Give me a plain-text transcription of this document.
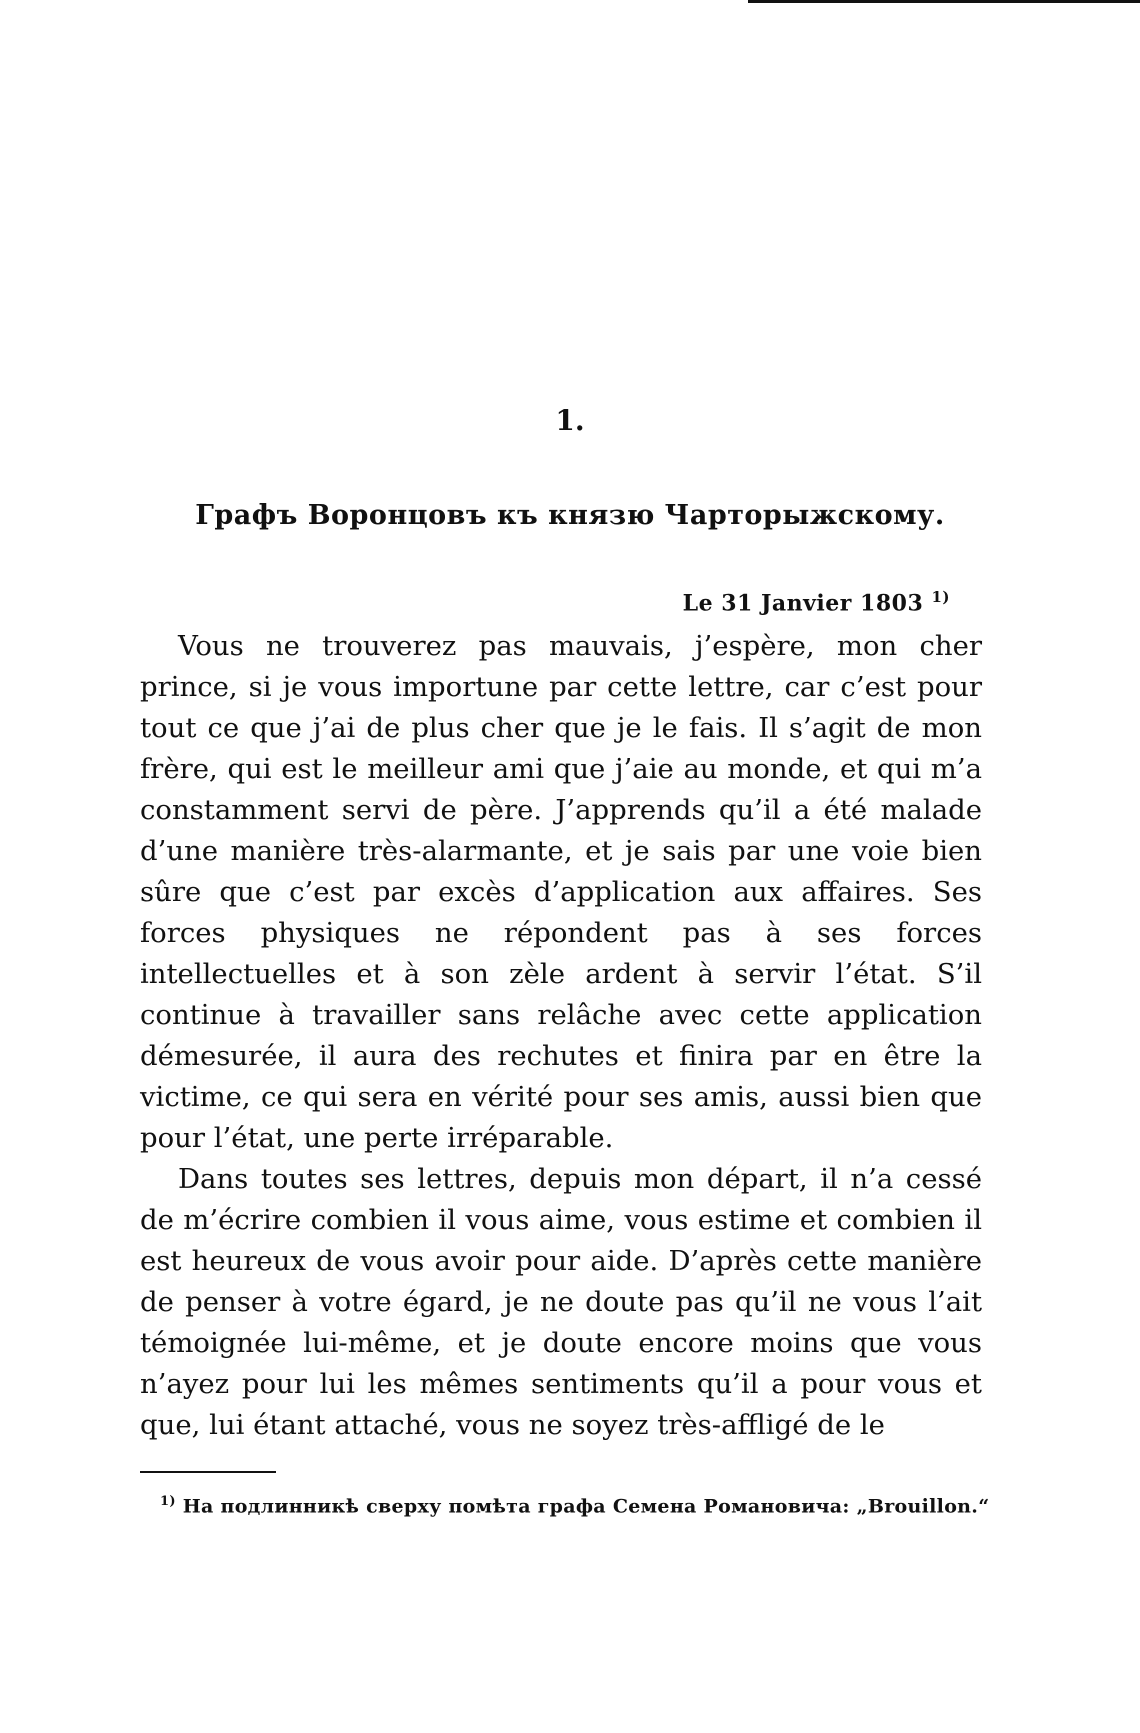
1.
Графъ Воронцовъ къ князю Чарторыжскому.
Le 31 Janvier 1803 $^{1)}$

Vous ne trouverez pas mauvais, j’espère, mon cher prince, si je vous importune par cette lettre, car c’est pour tout ce que j’ai de plus cher que je le fais. Il s’agit de mon frère, qui est le meilleur ami que j’aie au monde, et qui m’a constamment servi de père. J’apprends qu’il a été malade d’une manière très-alarmante, et je sais par une voie bien sûre que c’est par excès d’application aux affaires. Ses forces physiques ne répondent pas à ses forces intellectuelles et à son zèle ardent à servir l’état. S’il continue à travailler sans relâche avec cette application démesurée, il aura des rechutes et finira par en être la victime, ce qui sera en vérité pour ses amis, aussi bien que pour l’état, une perte irréparable.

Dans toutes ses lettres, depuis mon départ, il n’a cessé de m’écrire combien il vous aime, vous estime et combien il est heureux de vous avoir pour aide. D’après cette manière de penser à votre égard, je ne doute pas qu’il ne vous l’ait témoignée lui-même, et je doute encore moins que vous n’ayez pour lui les mêmes sentiments qu’il a pour vous et que, lui étant attaché, vous ne soyez très-affligé de le

$^{1)}$ На подлинникѣ сверху помѣта графа Семена Романовича: „Brouillon.“
